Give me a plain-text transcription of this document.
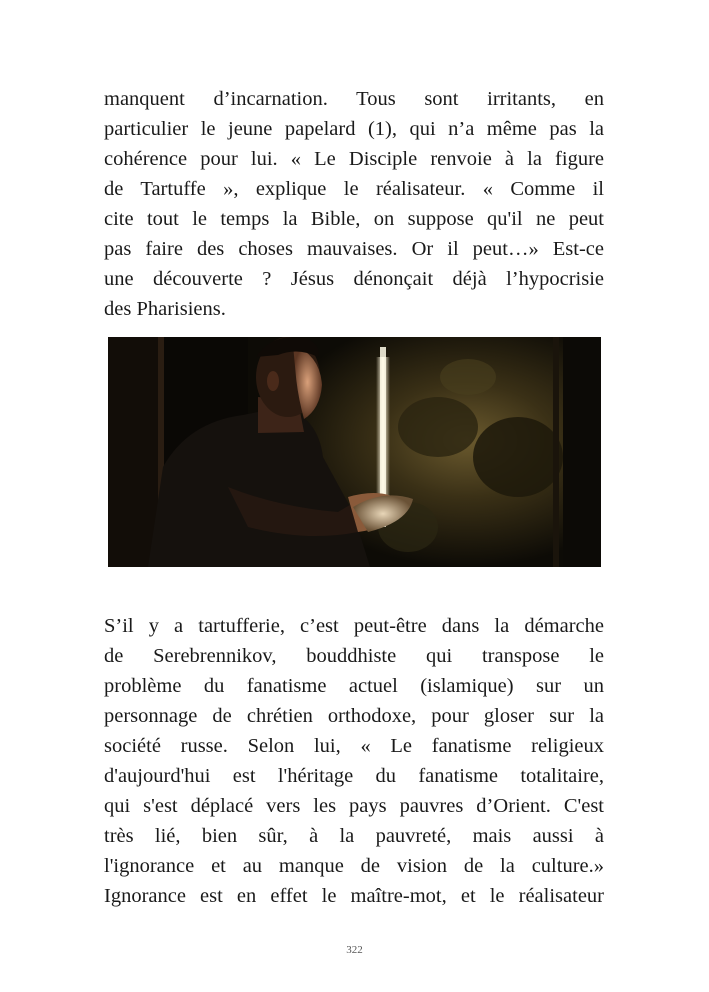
manquent d’incarnation. Tous sont irritants, en
particulier le jeune papelard (1), qui n’a même pas la
cohérence pour lui. « Le Disciple renvoie à la figure
de Tartuffe », explique le réalisateur. « Comme il
cite tout le temps la Bible, on suppose qu'il ne peut
pas faire des choses mauvaises. Or il peut…» Est-ce
une découverte ? Jésus dénonçait déjà l’hypocrisie
des Pharisiens.
S’il y a tartufferie, c’est peut-être dans la démarche
de Serebrennikov, bouddhiste qui transpose le
problème du fanatisme actuel (islamique) sur un
personnage de chrétien orthodoxe, pour gloser sur la
société russe. Selon lui, « Le fanatisme religieux
d'aujourd'hui est l'héritage du fanatisme totalitaire,
qui s'est déplacé vers les pays pauvres d’Orient. C'est
très lié, bien sûr, à la pauvreté, mais aussi à
l'ignorance et au manque de vision de la culture.»
Ignorance est en effet le maître-mot, et le réalisateur
322
